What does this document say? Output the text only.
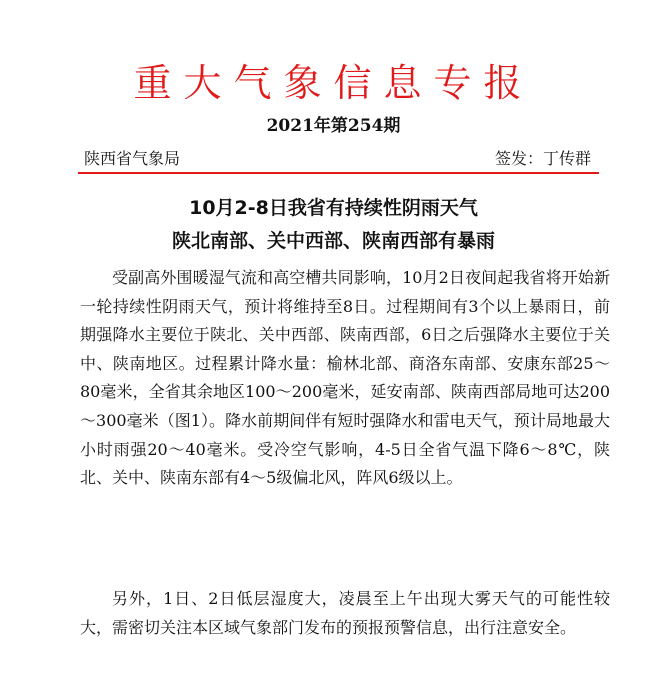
重大气象信息专报
2021年第254期
陕西省气象局	签发：丁传群
10月2-8日我省有持续性阴雨天气
陕北南部、关中西部、陕南西部有暴雨

受副高外围暖湿气流和高空槽共同影响，10月2日夜间起我省将开始新一轮持续性阴雨天气，预计将维持至8日。过程期间有3个以上暴雨日，前期强降水主要位于陕北、关中西部、陕南西部，6日之后强降水主要位于关中、陕南地区。过程累计降水量：榆林北部、商洛东南部、安康东部25～80毫米，全省其余地区100～200毫米，延安南部、陕南西部局地可达200～300毫米（图1）。降水前期间伴有短时强降水和雷电天气，预计局地最大小时雨强20～40毫米。受冷空气影响，4-5日全省气温下降6～8℃，陕北、关中、陕南东部有4～5级偏北风，阵风6级以上。

另外，1日、2日低层湿度大，凌晨至上午出现大雾天气的可能性较大，需密切关注本区域气象部门发布的预报预警信息，出行注意安全。
